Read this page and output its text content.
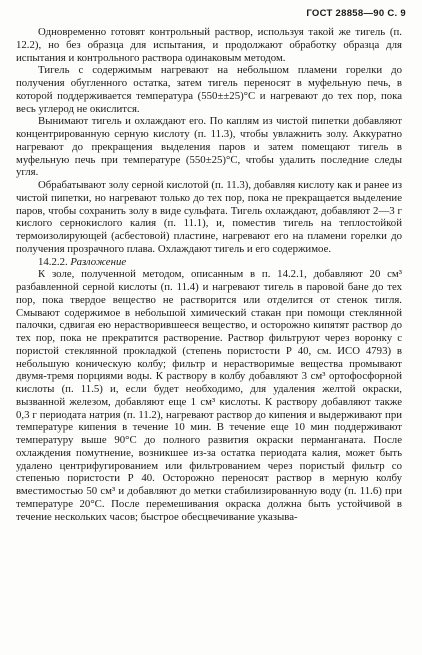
ГОСТ 28858—90 С. 9

Одновременно готовят контрольный раствор, используя такой же тигель (п. 12.2), но без образца для испытания, и продолжают обработку образца для испытания и контрольного раствора одинаковым методом.

Тигель с содержимым нагревают на небольшом пламени горелки до получения обугленного остатка, затем тигель переносят в муфельную печь, в которой поддерживается температура (550±±25)°С и нагревают до тех пор, пока весь углерод не окислится.

Вынимают тигель и охлаждают его. По каплям из чистой пипетки добавляют концентрированную серную кислоту (п. 11.3), чтобы увлажнить золу. Аккуратно нагревают до прекращения выделения паров и затем помещают тигель в муфельную печь при температуре (550±25)°С, чтобы удалить последние следы угля.

Обрабатывают золу серной кислотой (п. 11.3), добавляя кислоту как и ранее из чистой пипетки, но нагревают только до тех пор, пока не прекращается выделение паров, чтобы сохранить золу в виде сульфата. Тигель охлаждают, добавляют 2—3 г кислого сернокислого калия (п. 11.1), и, поместив тигель на теплостойкой термоизолирующей (асбестовой) пластине, нагревают его на пламени горелки до получения прозрачного плава. Охлаждают тигель и его содержимое.

14.2.2. Разложение

К золе, полученной методом, описанным в п. 14.2.1, добавляют 20 см³ разбавленной серной кислоты (п. 11.4) и нагревают тигель в паровой бане до тех пор, пока твердое вещество не растворится или отделится от стенок тигля. Смывают содержимое в небольшой химический стакан при помощи стеклянной палочки, сдвигая ею нерастворившееся вещество, и осторожно кипятят раствор до тех пор, пока не прекратится растворение. Раствор фильтруют через воронку с пористой стеклянной прокладкой (степень пористости Р 40, см. ИСО 4793) в небольшую коническую колбу; фильтр и нерастворимые вещества промывают двумя-тремя порциями воды. К раствору в колбу добавляют 3 см³ ортофосфорной кислоты (п. 11.5) и, если будет необходимо, для удаления желтой окраски, вызванной железом, добавляют еще 1 см³ кислоты. К раствору добавляют также 0,3 г периодата натрия (п. 11.2), нагревают раствор до кипения и выдерживают при температуре кипения в течение 10 мин. В течение еще 10 мин поддерживают температуру выше 90°С до полного развития окраски перманганата. После охлаждения помутнение, возникшее из-за остатка периодата калия, может быть удалено центрифугированием или фильтрованием через пористый фильтр со степенью пористости Р 40. Осторожно переносят раствор в мерную колбу вместимостью 50 см³ и добавляют до метки стабилизированную воду (п. 11.6) при температуре 20°С. После перемешивания окраска должна быть устойчивой в течение нескольких часов; быстрое обесцвечивание указыва-
